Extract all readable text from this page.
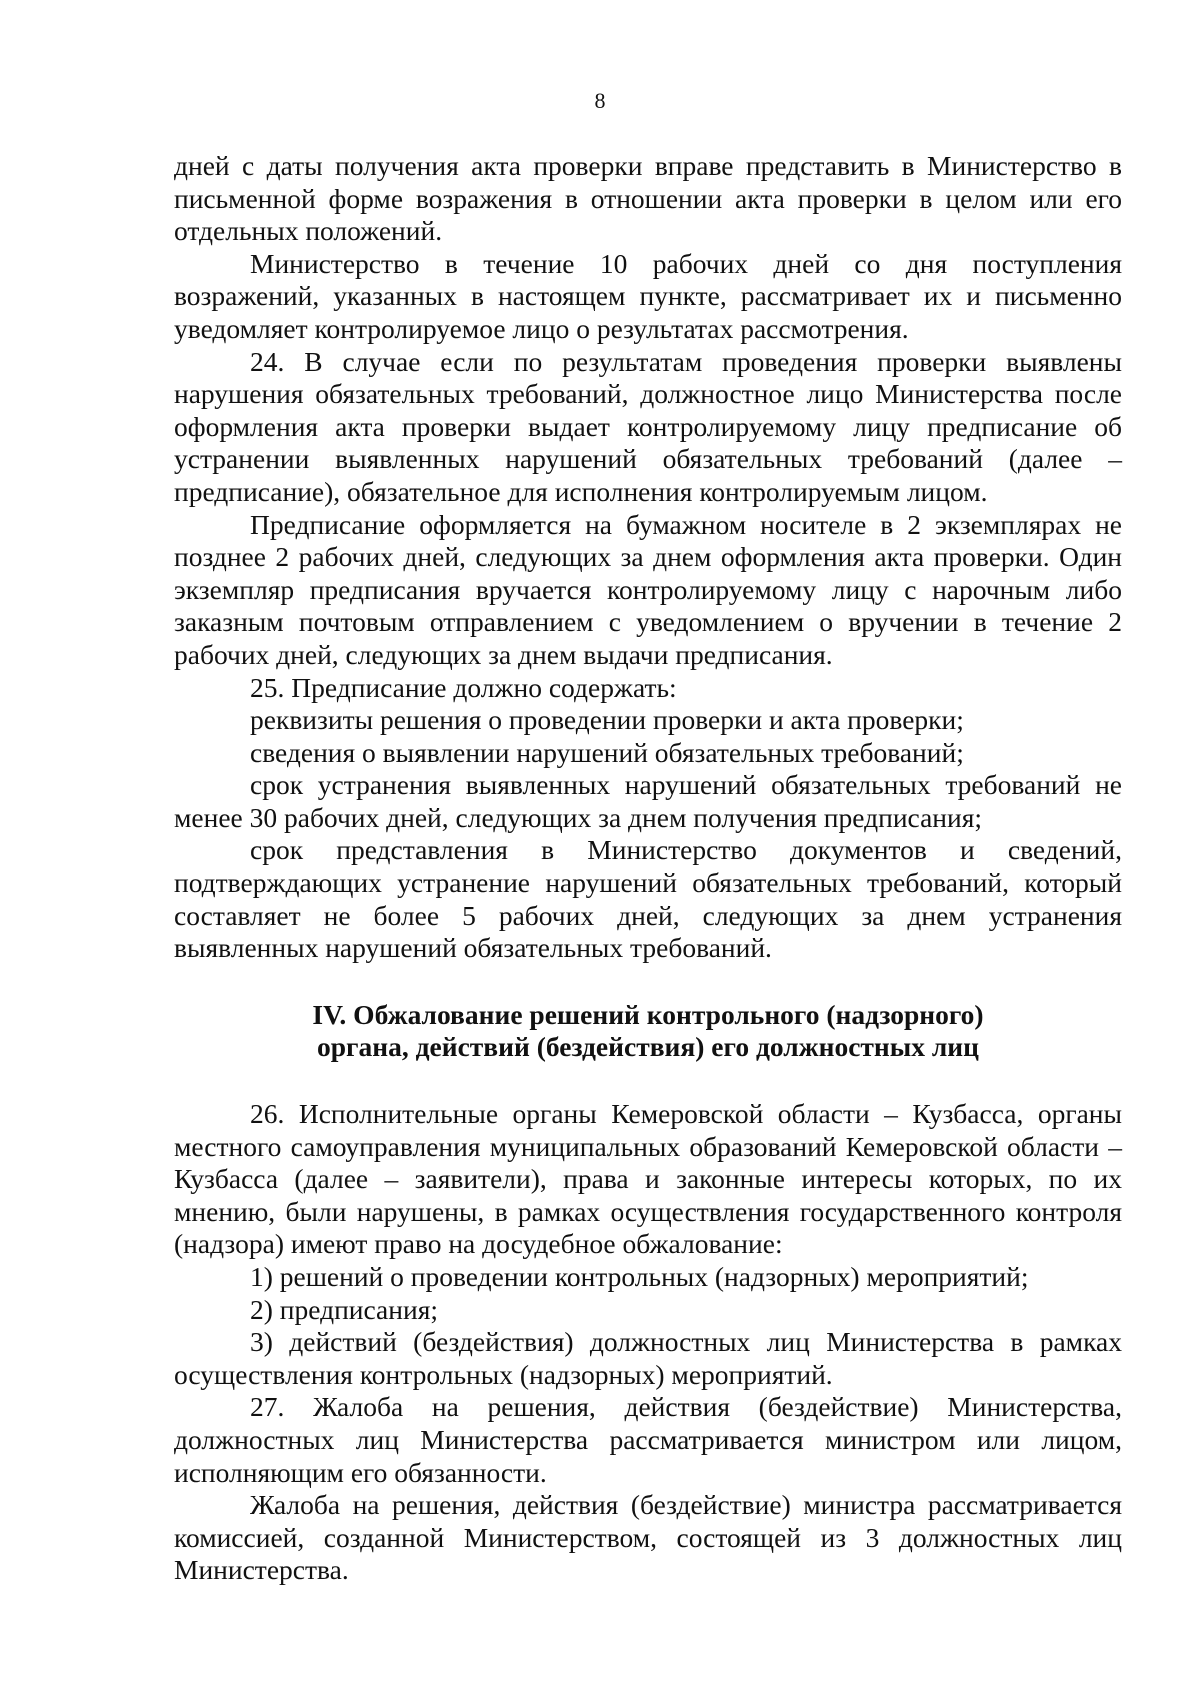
8

дней с даты получения акта проверки вправе представить в Министерство в письменной форме возражения в отношении акта проверки в целом или его отдельных положений.

Министерство в течение 10 рабочих дней со дня поступления возражений, указанных в настоящем пункте, рассматривает их и письменно уведомляет контролируемое лицо о результатах рассмотрения.

24. В случае если по результатам проведения проверки выявлены нарушения обязательных требований, должностное лицо Министерства после оформления акта проверки выдает контролируемому лицу предписание об устранении выявленных нарушений обязательных требований (далее – предписание), обязательное для исполнения контролируемым лицом.

Предписание оформляется на бумажном носителе в 2 экземплярах не позднее 2 рабочих дней, следующих за днем оформления акта проверки. Один экземпляр предписания вручается контролируемому лицу с нарочным либо заказным почтовым отправлением с уведомлением о вручении в течение 2 рабочих дней, следующих за днем выдачи предписания.

25. Предписание должно содержать:

реквизиты решения о проведении проверки и акта проверки;

сведения о выявлении нарушений обязательных требований;

срок устранения выявленных нарушений обязательных требований не менее 30 рабочих дней, следующих за днем получения предписания;

срок представления в Министерство документов и сведений, подтверждающих устранение нарушений обязательных требований, который составляет не более 5 рабочих дней, следующих за днем устранения выявленных нарушений обязательных требований.

IV. Обжалование решений контрольного (надзорного)
органа, действий (бездействия) его должностных лиц

26. Исполнительные органы Кемеровской области – Кузбасса, органы местного самоуправления муниципальных образований Кемеровской области – Кузбасса (далее – заявители), права и законные интересы которых, по их мнению, были нарушены, в рамках осуществления государственного контроля (надзора) имеют право на досудебное обжалование:

1) решений о проведении контрольных (надзорных) мероприятий;

2) предписания;

3) действий (бездействия) должностных лиц Министерства в рамках осуществления контрольных (надзорных) мероприятий.

27. Жалоба на решения, действия (бездействие) Министерства, должностных лиц Министерства рассматривается министром или лицом, исполняющим его обязанности.

Жалоба на решения, действия (бездействие) министра рассматривается комиссией, созданной Министерством, состоящей из 3 должностных лиц Министерства.
